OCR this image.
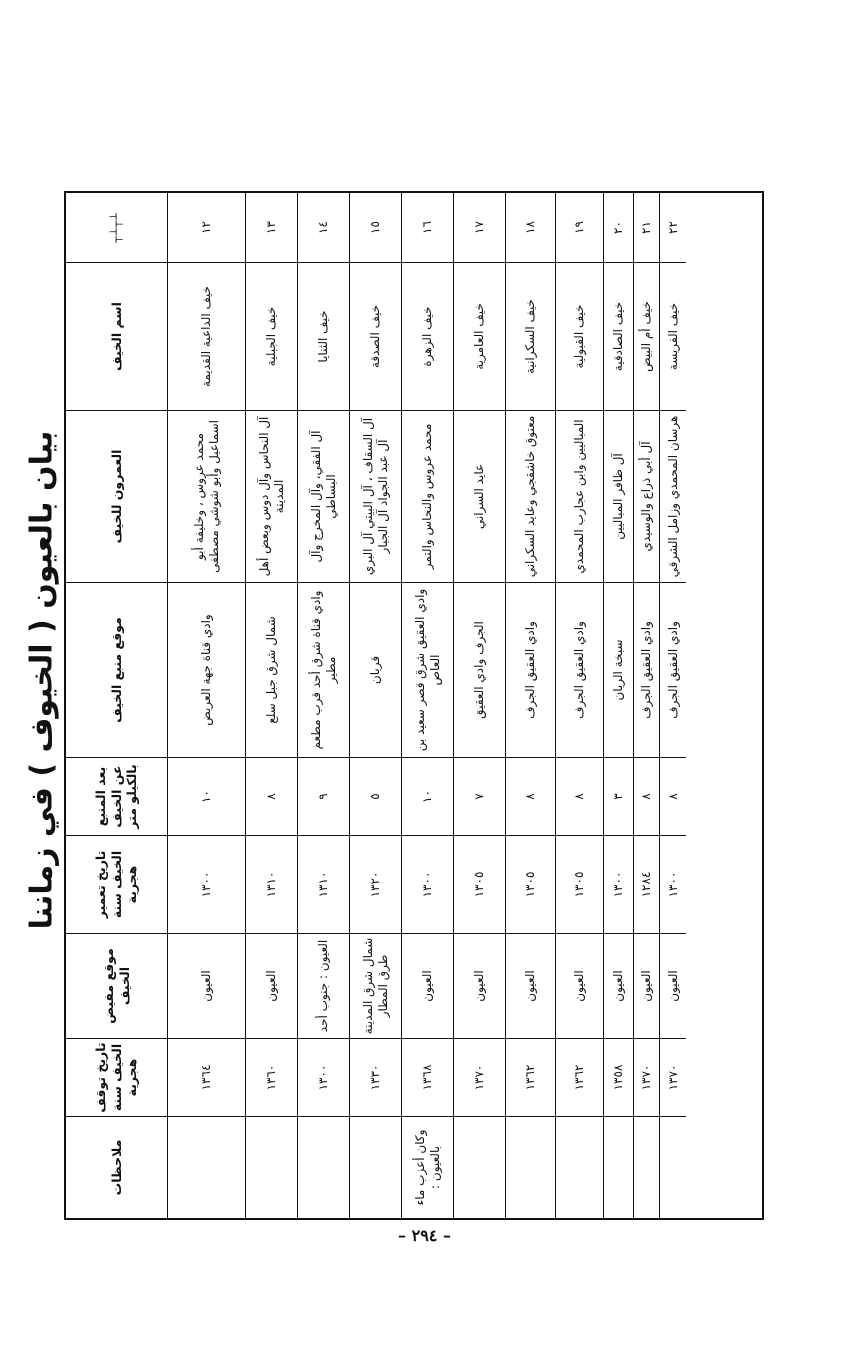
بيان بالعيون ( الخيوف ) في زماننا
┴┬┴┬
اسم الخيف
العمرون للخيف
موقع منبع الخيف
بعد المنبع عن الخيف بالكيلو متر
تاريخ تعمير الخيف سنة هجرية
موقع مفيض الخيف
تاريخ توقف الخيف سنة هجرية
ملاحظات
١٢
خيف الداعية القديمة
محمد عروس ، وخليفة أبو اسماعيل وأبو شوشي مصطفى
وادي قناة جهة العريض
١٠
١٣٠٠
العيون
١٣٦٤
١٣
خيف الجبلية
آل النحاس وآل دوس وبعض أهل المدينة
شمال شرق جبل سلع
٨
١٣١٠
العيون
١٣٦٠
١٤
خيف الثنايا
آل الفقي، وآل المخرج وآل البساطي
وادي قناة شرق أحد قرب مطعم مطير
٩
١٣١٠
العيون : جنوب أحد
١٣٠٠
١٥
خيف الصدقة
آل السقاف ، آل البيتي آل البري آل عبد الجواد آل الجبار
قربان
٥
١٣٢٠
شمال شرق المدينة طرق المطار
١٣٣٠
١٦
خيف الزهرة
محمد عروس والنحاس والتمر
وادي العقيق شرق قصر سعيد بن العاص
١٠
١٣٠٠
العيون
١٣٦٨
وكان أعزب ماء بالعيون :
١٧
خيف العامرية
عايد السراني
الجرف وادي العقيق
٧
١٣٠٥
العيون
١٣٧٠
١٨
خيف السكرانية
معتوق خاشقجي وعايد السكراني
وادي العقيق الجرف
٨
١٣٠٥
العيون
١٣٦٢
١٩
خيف القبولية
المباليين وابن عجارب المحمدي
وادي العقيق الجرف
٨
١٣٠٥
العيون
١٣٦٢
٢٠
خيف الصادقية
آل ظافر المباليين
سبخة الريان
٣
١٣٠٠
العيون
١٣٥٨
٢١
خيف أم البيض
آل أبي ذراع والوسيدي
وادي العقيق الجرف
٨
١٢٨٤
العيون
١٣٧٠
٢٢
خيف الفريسة
هرسان المحمدي وزامل الشرقي
وادي العقيق الجرف
٨
١٣٠٠
العيون
١٣٧٠
– ٢٩٤ –
